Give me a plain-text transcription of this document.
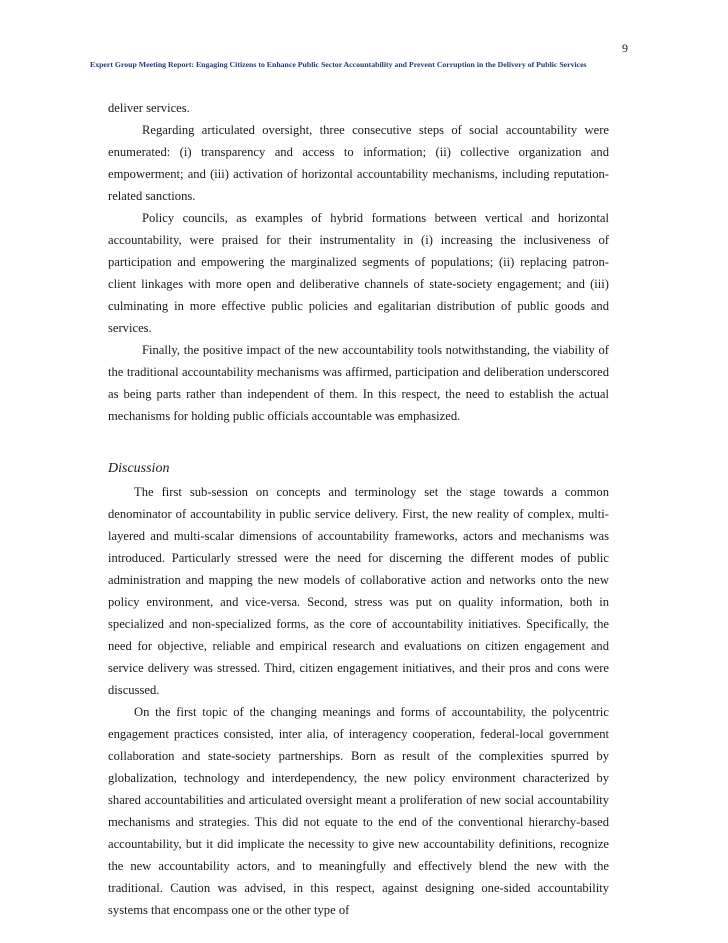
9
Expert Group Meeting Report: Engaging Citizens to Enhance Public Sector Accountability and Prevent Corruption in the Delivery of Public Services

deliver services.

Regarding articulated oversight, three consecutive steps of social accountability were enumerated: (i) transparency and access to information; (ii) collective organization and empowerment; and (iii) activation of horizontal accountability mechanisms, including reputation-related sanctions.

Policy councils, as examples of hybrid formations between vertical and horizontal accountability, were praised for their instrumentality in (i) increasing the inclusiveness of participation and empowering the marginalized segments of populations; (ii) replacing patron-client linkages with more open and deliberative channels of state-society engagement; and (iii) culminating in more effective public policies and egalitarian distribution of public goods and services.

Finally, the positive impact of the new accountability tools notwithstanding, the viability of the traditional accountability mechanisms was affirmed, participation and deliberation underscored as being parts rather than independent of them. In this respect, the need to establish the actual mechanisms for holding public officials accountable was emphasized.

Discussion

The first sub-session on concepts and terminology set the stage towards a common denominator of accountability in public service delivery. First, the new reality of complex, multi-layered and multi-scalar dimensions of accountability frameworks, actors and mechanisms was introduced. Particularly stressed were the need for discerning the different modes of public administration and mapping the new models of collaborative action and networks onto the new policy environment, and vice-versa. Second, stress was put on quality information, both in specialized and non-specialized forms, as the core of accountability initiatives. Specifically, the need for objective, reliable and empirical research and evaluations on citizen engagement and service delivery was stressed. Third, citizen engagement initiatives, and their pros and cons were discussed.

On the first topic of the changing meanings and forms of accountability, the polycentric engagement practices consisted, inter alia, of interagency cooperation, federal-local government collaboration and state-society partnerships. Born as result of the complexities spurred by globalization, technology and interdependency, the new policy environment characterized by shared accountabilities and articulated oversight meant a proliferation of new social accountability mechanisms and strategies. This did not equate to the end of the conventional hierarchy-based accountability, but it did implicate the necessity to give new accountability definitions, recognize the new accountability actors, and to meaningfully and effectively blend the new with the traditional. Caution was advised, in this respect, against designing one-sided accountability systems that encompass one or the other type of
